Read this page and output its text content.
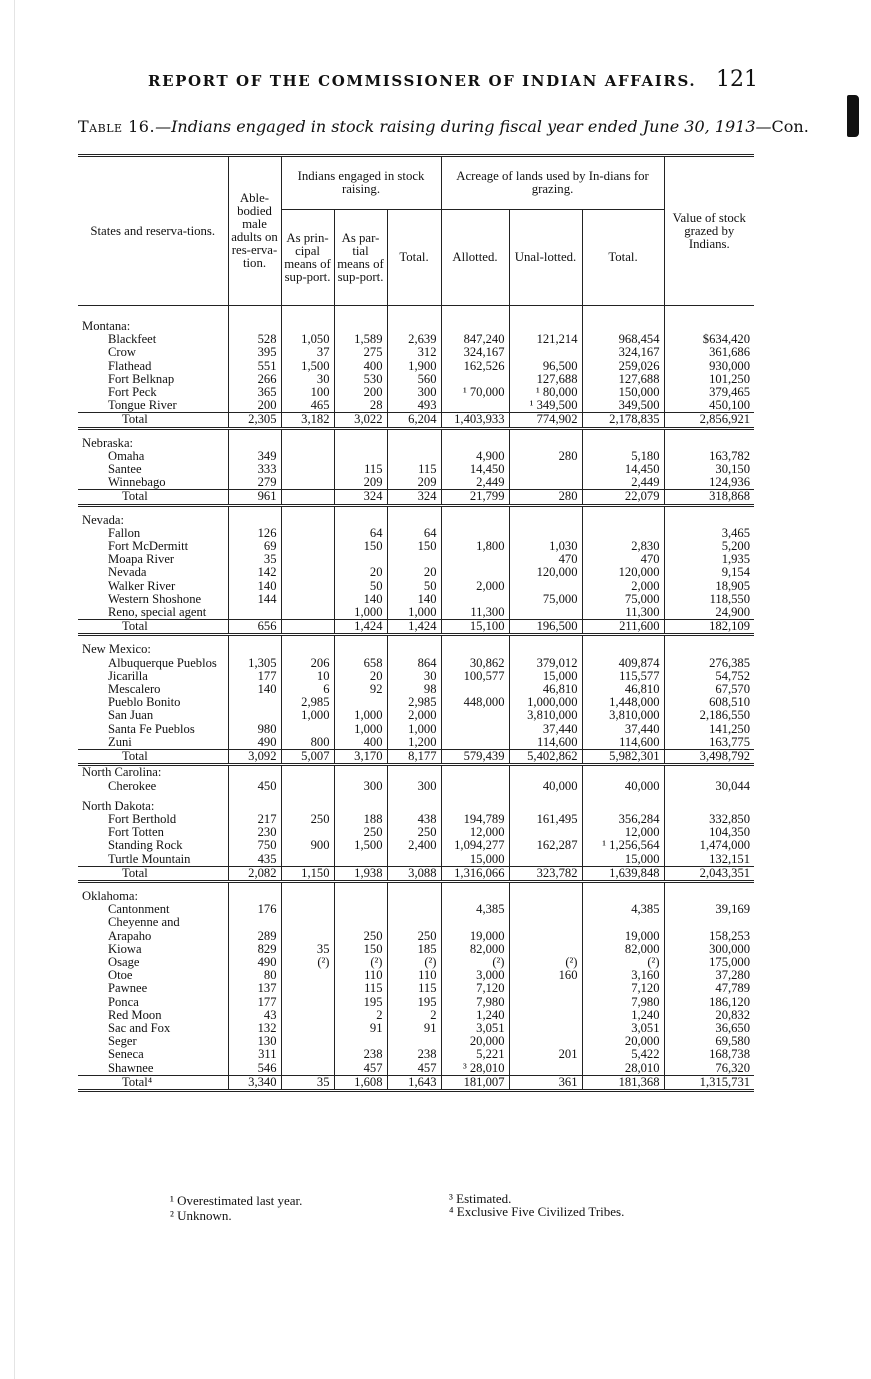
REPORT OF THE COMMISSIONER OF INDIAN AFFAIRS. 121
Table 16.—Indians engaged in stock raising during fiscal year ended June 30, 1913—Con.
States and reserva-tions.	Able-bodied male adults on res-erva-tion.	Indians engaged in stock raising.			Acreage of lands used by In-dians for grazing.			Value of stock grazed by Indians.
		As prin-cipal means of sup-port.	As par-tial means of sup-port.	Total.	Allotted.	Unal-lotted.	Total.	

Montana:								
Blackfeet	528	1,050	1,589	2,639	847,240	121,214	968,454	$634,420
Crow	395	37	275	312	324,167		324,167	361,686
Flathead	551	1,500	400	1,900	162,526	96,500	259,026	930,000
Fort Belknap	266	30	530	560		127,688	127,688	101,250
Fort Peck	365	100	200	300	¹ 70,000	¹ 80,000	150,000	379,465
Tongue River	200	465	28	493		¹ 349,500	349,500	450,100
Total	2,305	3,182	3,022	6,204	1,403,933	774,902	2,178,835	2,856,921

Nebraska:								
Omaha	349				4,900	280	5,180	163,782
Santee	333		115	115	14,450		14,450	30,150
Winnebago	279		209	209	2,449		2,449	124,936
Total	961		324	324	21,799	280	22,079	318,868

Nevada:								
Fallon	126		64	64				3,465
Fort McDermitt	69		150	150	1,800	1,030	2,830	5,200
Moapa River	35					470	470	1,935
Nevada	142		20	20		120,000	120,000	9,154
Walker River	140		50	50	2,000		2,000	18,905
Western Shoshone	144		140	140		75,000	75,000	118,550
Reno, special agent			1,000	1,000	11,300		11,300	24,900
Total	656		1,424	1,424	15,100	196,500	211,600	182,109

New Mexico:								
Albuquerque Pueblos	1,305	206	658	864	30,862	379,012	409,874	276,385
Jicarilla	177	10	20	30	100,577	15,000	115,577	54,752
Mescalero	140	6	92	98		46,810	46,810	67,570
Pueblo Bonito		2,985		2,985	448,000	1,000,000	1,448,000	608,510
San Juan		1,000	1,000	2,000		3,810,000	3,810,000	2,186,550
Santa Fe Pueblos	980		1,000	1,000		37,440	37,440	141,250
Zuni	490	800	400	1,200		114,600	114,600	163,775
Total	3,092	5,007	3,170	8,177	579,439	5,402,862	5,982,301	3,498,792

North Carolina:								
Cherokee	450		300	300		40,000	40,000	30,044

North Dakota:								
Fort Berthold	217	250	188	438	194,789	161,495	356,284	332,850
Fort Totten	230		250	250	12,000		12,000	104,350
Standing Rock	750	900	1,500	2,400	1,094,277	162,287	¹ 1,256,564	1,474,000
Turtle Mountain	435				15,000		15,000	132,151
Total	2,082	1,150	1,938	3,088	1,316,066	323,782	1,639,848	2,043,351

Oklahoma:								
Cantonment	176				4,385		4,385	39,169
Cheyenne and Arapaho	289		250	250	19,000		19,000	158,253
Kiowa	829	35	150	185	82,000		82,000	300,000
Osage	490	(²)	(²)	(²)	(²)	(²)	(²)	175,000
Otoe	80		110	110	3,000	160	3,160	37,280
Pawnee	137		115	115	7,120		7,120	47,789
Ponca	177		195	195	7,980		7,980	186,120
Red Moon	43		2	2	1,240		1,240	20,832
Sac and Fox	132		91	91	3,051		3,051	36,650
Seger	130				20,000		20,000	69,580
Seneca	311		238	238	5,221	201	5,422	168,738
Shawnee	546		457	457	³ 28,010		28,010	76,320
Total⁴	3,340	35	1,608	1,643	181,007	361	181,368	1,315,731
¹ Overestimated last year.
² Unknown.
³ Estimated.
⁴ Exclusive Five Civilized Tribes.
